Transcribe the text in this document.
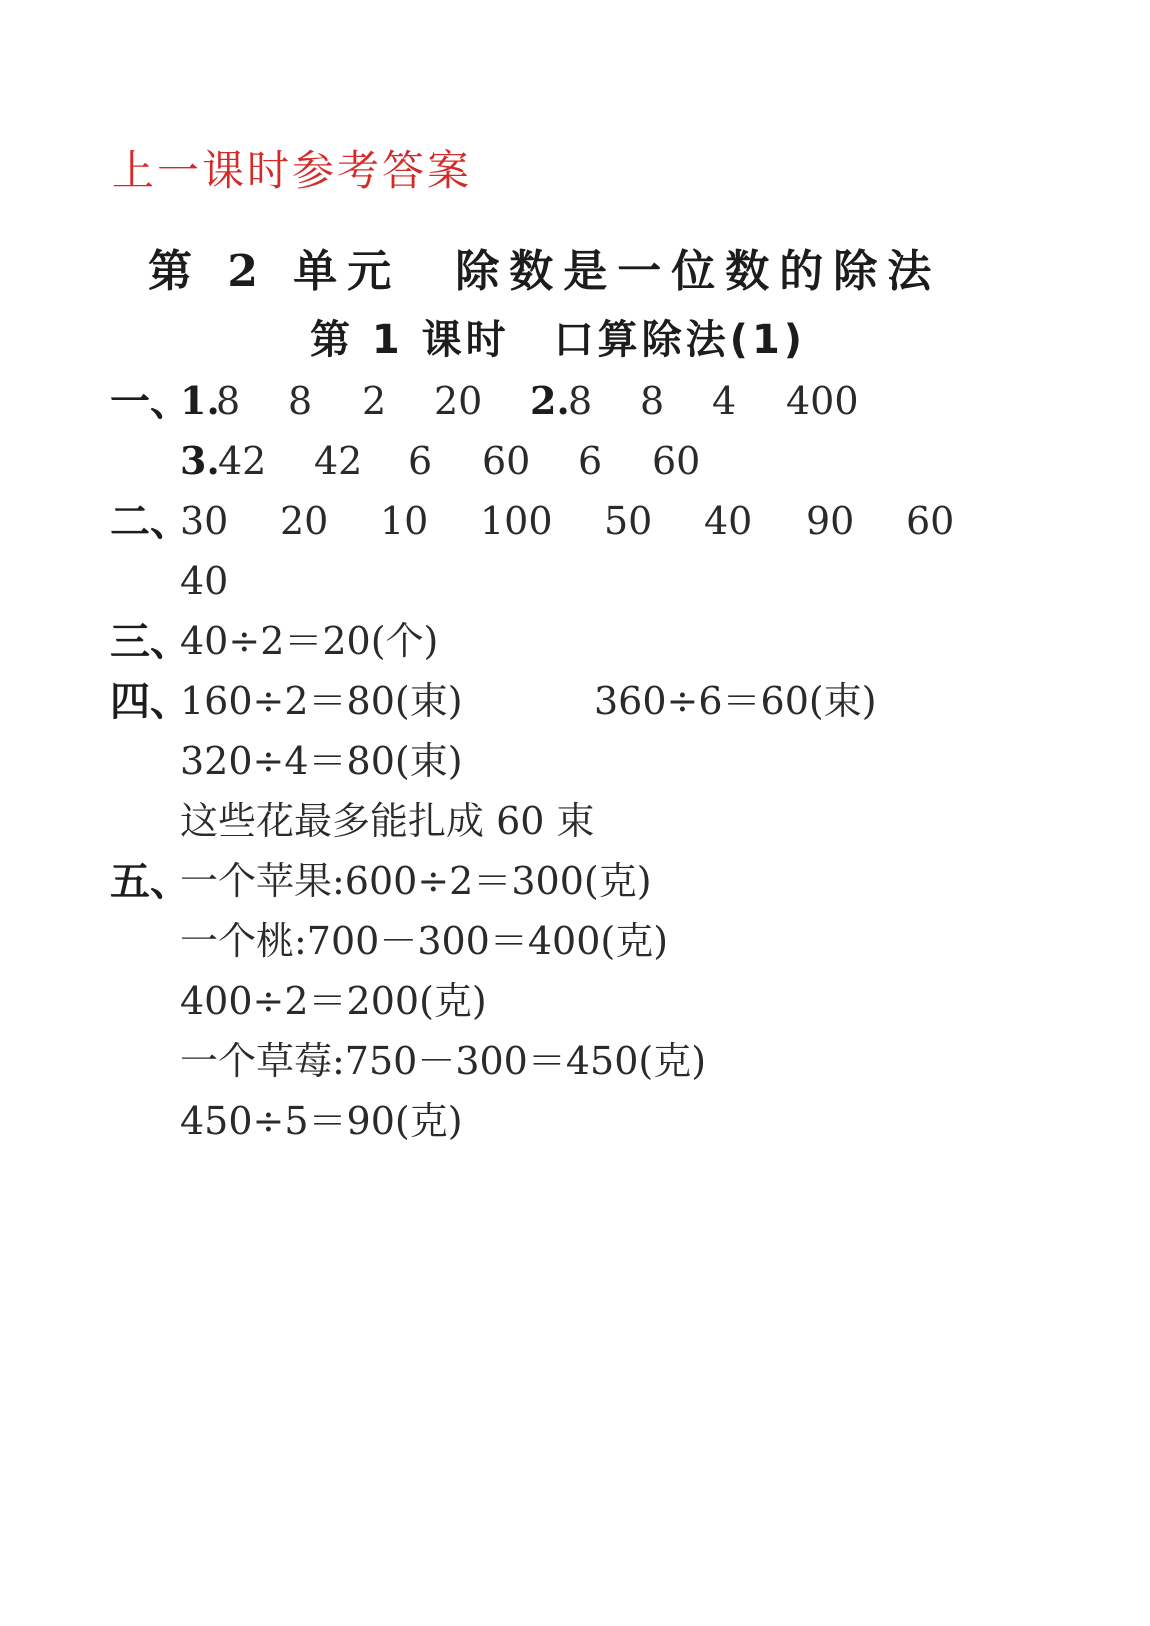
上一课时参考答案
第 2 单元　除数是一位数的除法
第 1 课时　口算除法(1)
一、

1.

8

8

2

20

2.

8

8

4

400

3.

42

42

6

60

6

60

二、

30

20

10

100

50

40

90

60

40
三、
40÷2＝20(个)
四、
160÷2＝80(束)	360÷6＝60(束)
320÷4＝80(束)
这些花最多能扎成 60 束
五、
一个苹果:600÷2＝300(克)
一个桃:700－300＝400(克)
400÷2＝200(克)
一个草莓:750－300＝450(克)
450÷5＝90(克)
